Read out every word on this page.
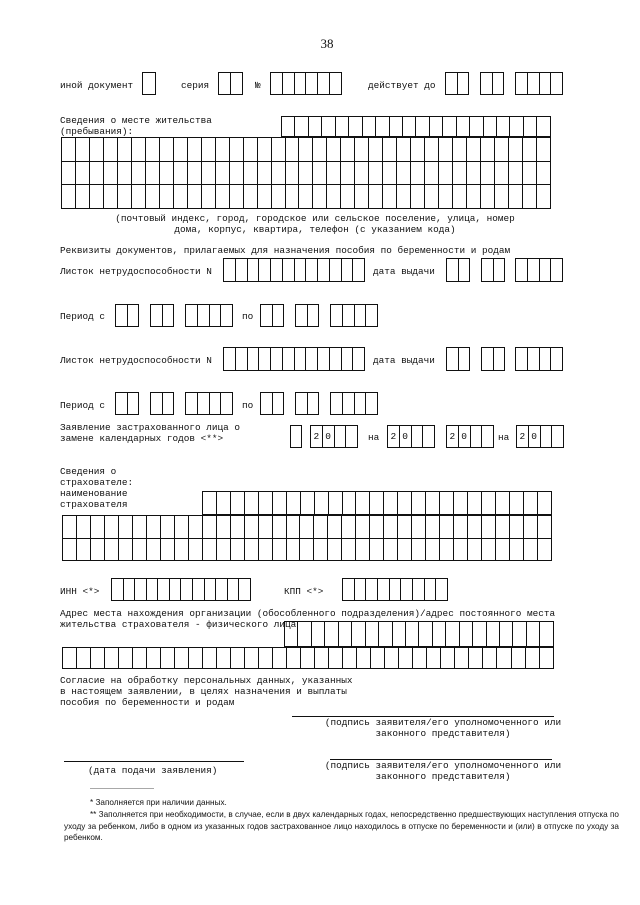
38
иной документ	серия	№	действует до
Сведения о месте жительства (пребывания):

(почтовый индекс, город, городское или сельское поселение, улица, номер дома, корпус, квартира, телефон (с указанием кода)
Реквизиты документов, прилагаемых для назначения пособия по беременности и родам
Листок нетрудоспособности N	дата выдачи
Период с	по
Листок нетрудоспособности N	дата выдачи
Период с	по
Заявление застрахованного лица о замене календарных годов <**>	2 0	на 2 0	2 0	на 2 0
Сведения о страхователе: наименование страхователя

ИНН <*>	КПП <*>
Адрес места нахождения организации (обособленного подразделения)/адрес постоянного места жительства страхователя - физического лица

Согласие на обработку персональных данных, указанных в настоящем заявлении, в целях назначения и выплаты пособия по беременности и родам
(подпись заявителя/его уполномоченного или законного представителя)
(дата подачи заявления)	(подпись заявителя/его уполномоченного или законного представителя)
--------------------------------
* Заполняется при наличии данных.
** Заполняется при необходимости, в случае, если в двух календарных годах, непосредственно предшествующих наступления отпуска по уходу за ребенком, либо в одном из указанных годов застрахованное лицо находилось в отпуске по беременности и (или) в отпуске по уходу за ребенком.
